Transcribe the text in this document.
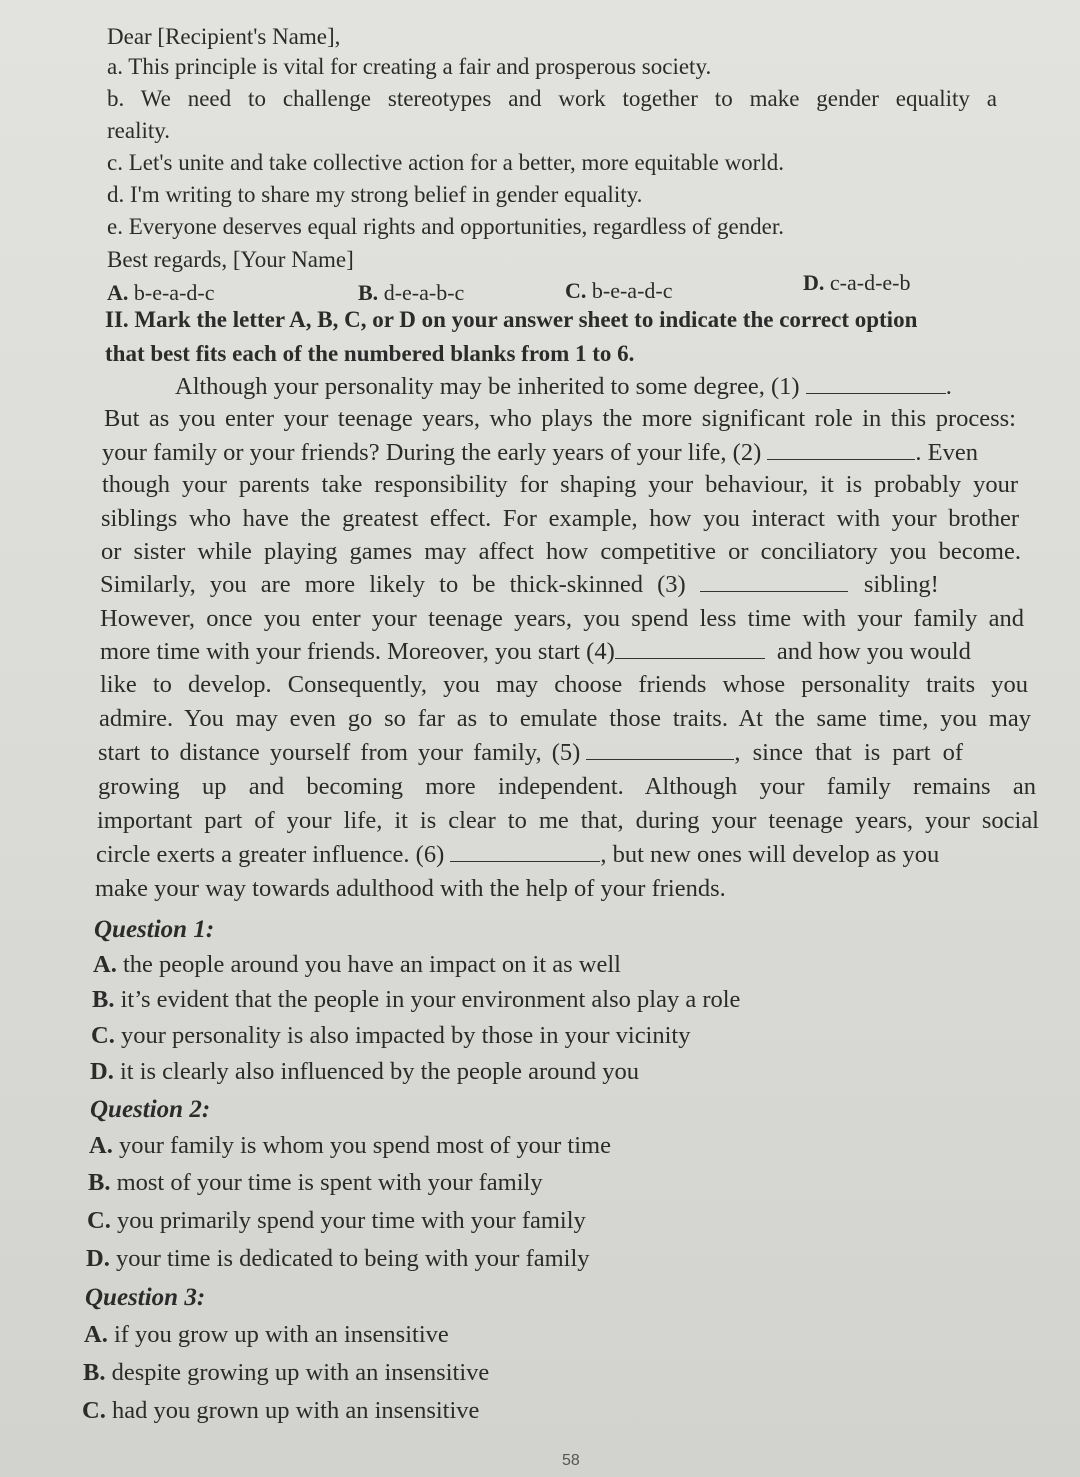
Dear [Recipient's Name],
a. This principle is vital for creating a fair and prosperous society.
b. We need to challenge stereotypes and work together to make gender equality a
reality.
c. Let's unite and take collective action for a better, more equitable world.
d. I'm writing to share my strong belief in gender equality.
e. Everyone deserves equal rights and opportunities, regardless of gender.
Best regards, [Your Name]
A. b-e-a-d-c	B. d-e-a-b-c	C. b-e-a-d-c	D. c-a-d-e-b
II. Mark the letter A, B, C, or D on your answer sheet to indicate the correct option
that best fits each of the numbered blanks from 1 to 6.
Although your personality may be inherited to some degree, (1)	.
But as you enter your teenage years, who plays the more significant role in this process:
your family or your friends? During the early years of your life, (2)	. Even
though your parents take responsibility for shaping your behaviour, it is probably your
siblings who have the greatest effect. For example, how you interact with your brother
or sister while playing games may affect how competitive or conciliatory you become.
Similarly, you are more likely to be thick-skinned (3)	sibling!
However, once you enter your teenage years, you spend less time with your family and
more time with your friends. Moreover, you start (4)	and how you would
like to develop. Consequently, you may choose friends whose personality traits you
admire. You may even go so far as to emulate those traits. At the same time, you may
start to distance yourself from your family, (5)	, since that is part of
growing up and becoming more independent. Although your family remains an
important part of your life, it is clear to me that, during your teenage years, your social
circle exerts a greater influence. (6)	, but new ones will develop as you
make your way towards adulthood with the help of your friends.
Question 1:
A. the people around you have an impact on it as well
B. it’s evident that the people in your environment also play a role
C. your personality is also impacted by those in your vicinity
D. it is clearly also influenced by the people around you
Question 2:
A. your family is whom you spend most of your time
B. most of your time is spent with your family
C. you primarily spend your time with your family
D. your time is dedicated to being with your family
Question 3:
A. if you grow up with an insensitive
B. despite growing up with an insensitive
C. had you grown up with an insensitive
58
